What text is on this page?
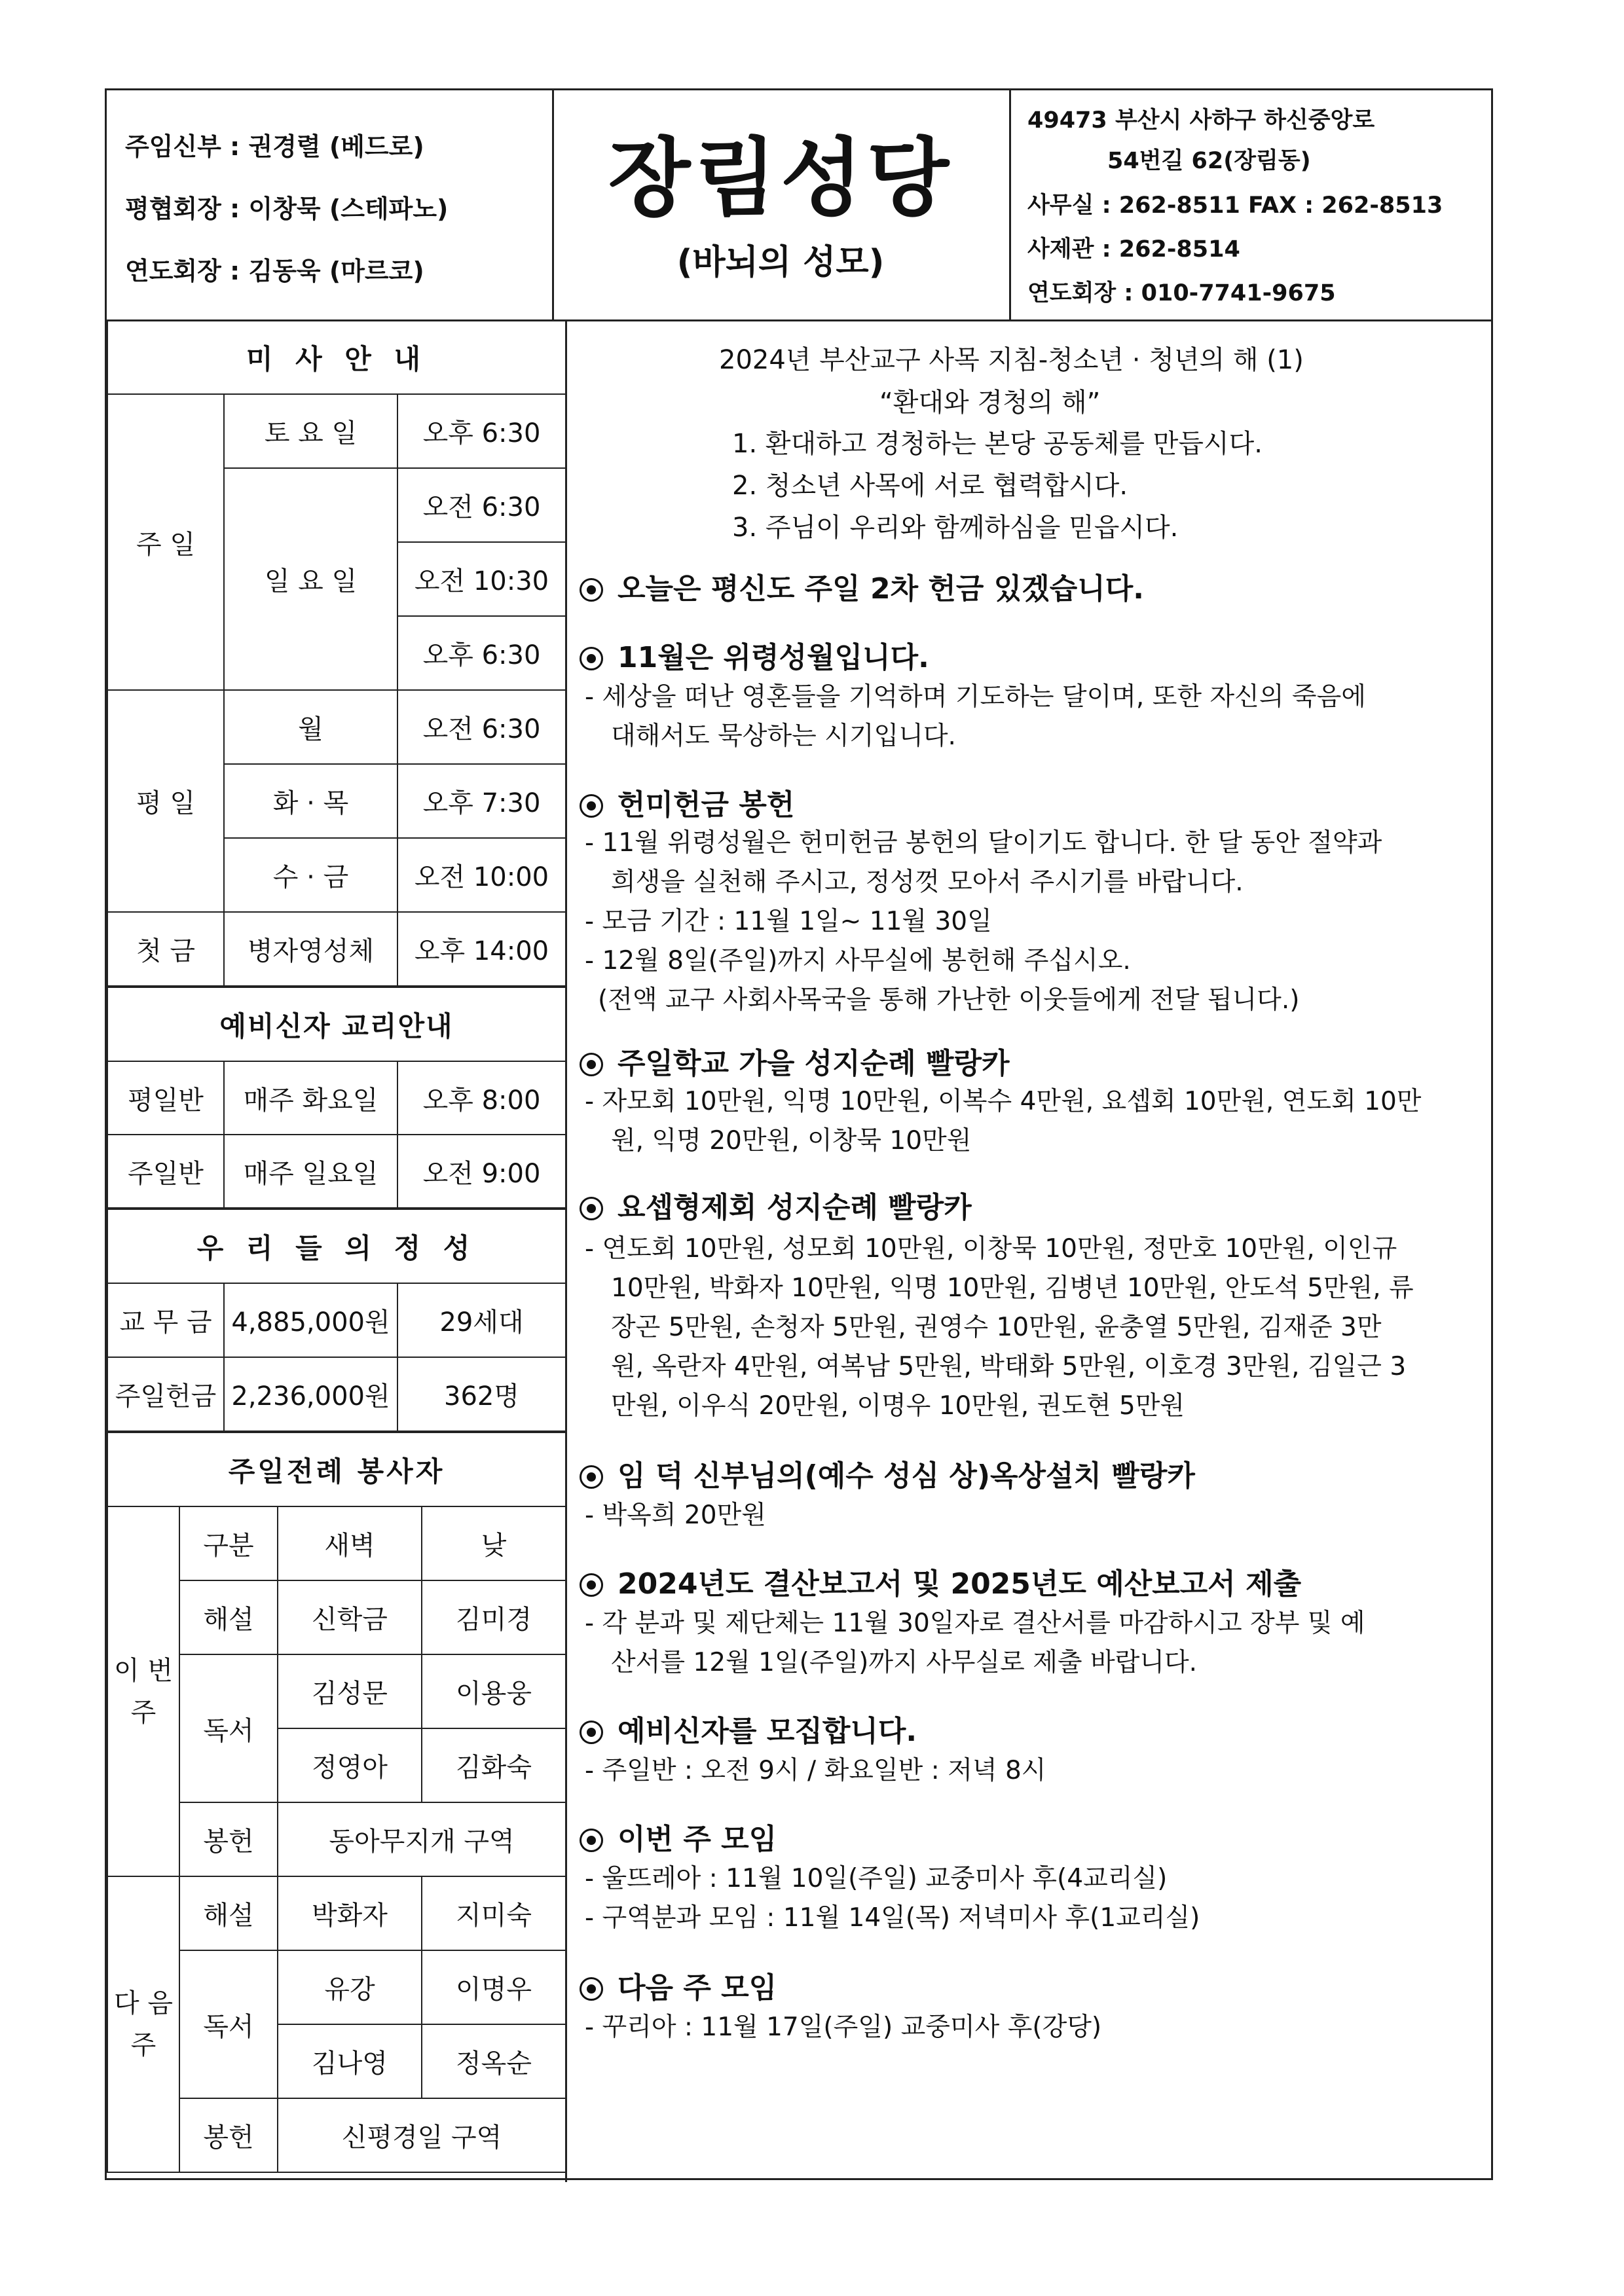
주임신부 : 권경렬 (베드로)
평협회장 : 이창묵 (스테파노)
연도회장 : 김동욱 (마르코)
장림성당
(바뇌의 성모)
49473 부산시 사하구 하신중앙로
54번길 62(장림동)
사무실 : 262-8511 FAX : 262-8513
사제관 : 262-8514
연도회장 : 010-7741-9675
미 사 안 내		
주 일	토 요 일	오후 6:30
	일 요 일	오전 6:30
		오전 10:30
		오후 6:30
평 일	월	오전 6:30
	화 · 목	오후 7:30
	수 · 금	오전 10:00
첫 금	병자영성체	오후 14:00
예비신자 교리안내		
평일반	매주 화요일	오후 8:00
주일반	매주 일요일	오전 9:00
우 리 들 의 정 성		
교 무 금	4,885,000원	29세대
주일헌금	2,236,000원	362명
주일전례 봉사자			
이 번 주	구분	새벽	낮
	해설	신학금	김미경
	독서	김성문	이용웅
		정영아	김화숙
	봉헌	동아무지개 구역	
다 음 주	해설	박화자	지미숙
	독서	유강	이명우
		김나영	정옥순
	봉헌	신평경일 구역	
2024년 부산교구 사목 지침-청소년 · 청년의 해 (1)
“환대와 경청의 해”
1. 환대하고 경청하는 본당 공동체를 만듭시다.
2. 청소년 사목에 서로 협력합시다.
3. 주님이 우리와 함께하심을 믿읍시다.
오늘은 평신도 주일 2차 헌금 있겠습니다.
11월은 위령성월입니다.
- 세상을 떠난 영혼들을 기억하며 기도하는 달이며, 또한 자신의 죽음에
대해서도 묵상하는 시기입니다.
헌미헌금 봉헌
- 11월 위령성월은 헌미헌금 봉헌의 달이기도 합니다. 한 달 동안 절약과
희생을 실천해 주시고, 정성껏 모아서 주시기를 바랍니다.
- 모금 기간 : 11월 1일~ 11월 30일
- 12월 8일(주일)까지 사무실에 봉헌해 주십시오.
(전액 교구 사회사목국을 통해 가난한 이웃들에게 전달 됩니다.)
주일학교 가을 성지순례 빨랑카
- 자모회 10만원, 익명 10만원, 이복수 4만원, 요셉회 10만원, 연도회 10만
원, 익명 20만원, 이창묵 10만원
요셉형제회 성지순례 빨랑카
- 연도회 10만원, 성모회 10만원, 이창묵 10만원, 정만호 10만원, 이인규
10만원, 박화자 10만원, 익명 10만원, 김병년 10만원, 안도석 5만원, 류
장곤 5만원, 손청자 5만원, 권영수 10만원, 윤충열 5만원, 김재준 3만
원, 옥란자 4만원, 여복남 5만원, 박태화 5만원, 이호경 3만원, 김일근 3
만원, 이우식 20만원, 이명우 10만원, 권도현 5만원
임 덕 신부님의(예수 성심 상)옥상설치 빨랑카
- 박옥희 20만원
2024년도 결산보고서 및 2025년도 예산보고서 제출
- 각 분과 및 제단체는 11월 30일자로 결산서를 마감하시고 장부 및 예
산서를 12월 1일(주일)까지 사무실로 제출 바랍니다.
예비신자를 모집합니다.
- 주일반 : 오전 9시 / 화요일반 : 저녁 8시
이번 주 모임
- 울뜨레아 : 11월 10일(주일) 교중미사 후(4교리실)
- 구역분과 모임 : 11월 14일(목) 저녁미사 후(1교리실)
다음 주 모임
- 꾸리아 : 11월 17일(주일) 교중미사 후(강당)
